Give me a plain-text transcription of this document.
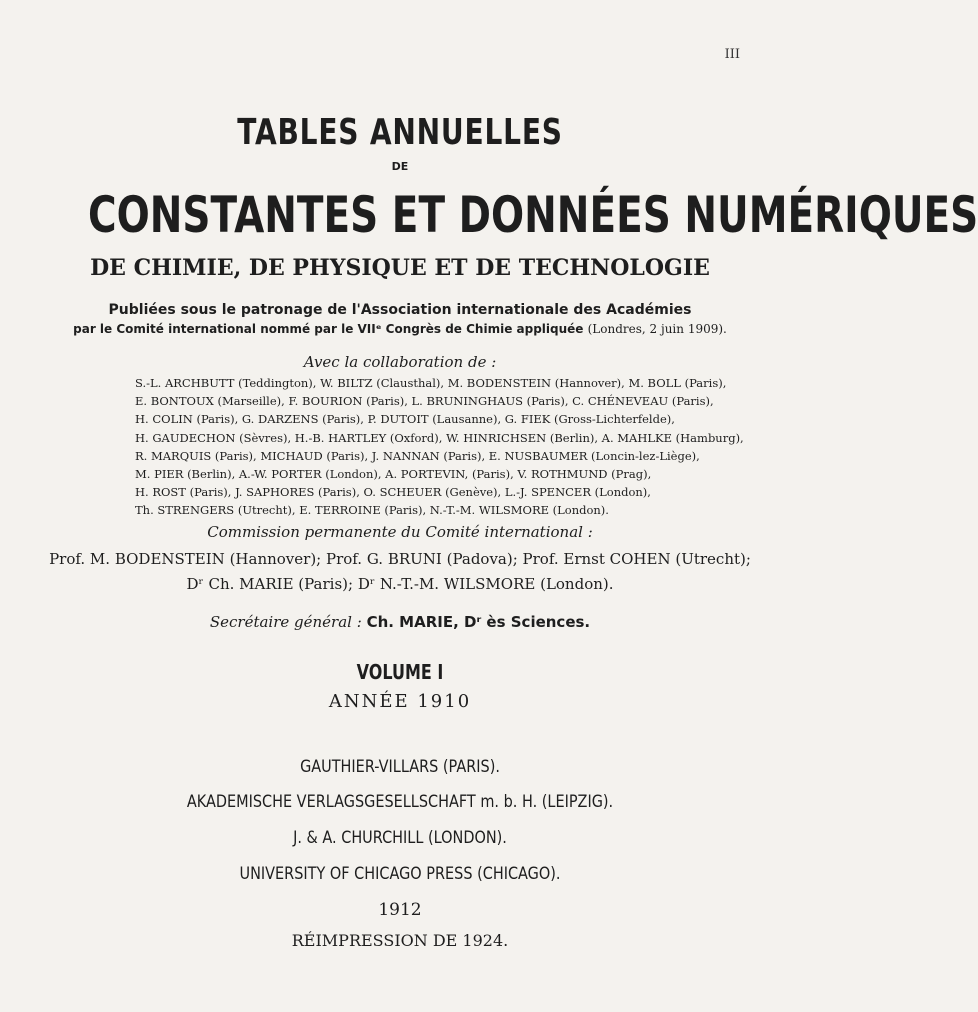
III
TABLES ANNUELLES
DE
CONSTANTES ET DONNÉES NUMÉRIQUES
DE CHIMIE, DE PHYSIQUE ET DE TECHNOLOGIE
Publiées sous le patronage de l'Association internationale des Académies
par le Comité international nommé par le VIIᵉ Congrès de Chimie appliquée (Londres, 2 juin 1909).
Avec la collaboration de :
S.-L. ARCHBUTT (Teddington), W. BILTZ (Clausthal), M. BODENSTEIN (Hannover), M. BOLL (Paris),
E. BONTOUX (Marseille), F. BOURION (Paris), L. BRUNINGHAUS (Paris), C. CHÉNEVEAU (Paris),
H. COLIN (Paris), G. DARZENS (Paris), P. DUTOIT (Lausanne), G. FIEK (Gross-Lichterfelde),
H. GAUDECHON (Sèvres), H.-B. HARTLEY (Oxford), W. HINRICHSEN (Berlin), A. MAHLKE (Hamburg),
R. MARQUIS (Paris), MICHAUD (Paris), J. NANNAN (Paris), E. NUSBAUMER (Loncin-lez-Liège),
M. PIER (Berlin), A.-W. PORTER (London), A. PORTEVIN, (Paris), V. ROTHMUND (Prag),
H. ROST (Paris), J. SAPHORES (Paris), O. SCHEUER (Genève), L.-J. SPENCER (London),
Th. STRENGERS (Utrecht), E. TERROINE (Paris), N.-T.-M. WILSMORE (London).
Commission permanente du Comité international :
Prof. M. BODENSTEIN (Hannover); Prof. G. BRUNI (Padova); Prof. Ernst COHEN (Utrecht);
Dʳ Ch. MARIE (Paris); Dʳ N.-T.-M. WILSMORE (London).
Secrétaire général : Ch. MARIE, Dʳ ès Sciences.
VOLUME I
ANNÉE 1910
GAUTHIER-VILLARS (PARIS).
AKADEMISCHE VERLAGSGESELLSCHAFT m. b. H. (LEIPZIG).
J. & A. CHURCHILL (LONDON).
UNIVERSITY OF CHICAGO PRESS (CHICAGO).
1912
RÉIMPRESSION DE 1924.
